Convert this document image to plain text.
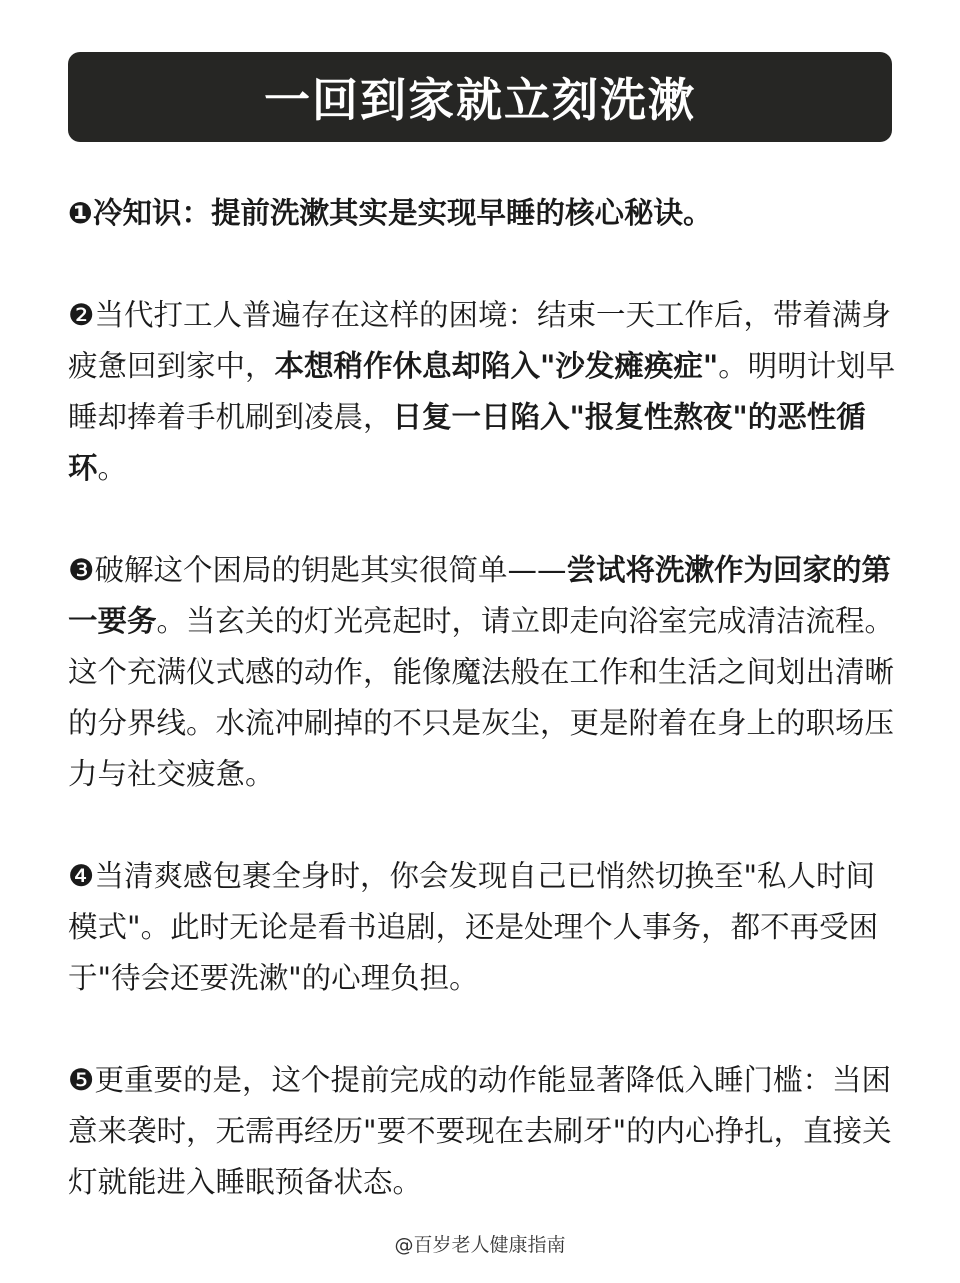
一回到家就立刻洗漱

❶冷知识：提前洗漱其实是实现早睡的核心秘诀。

❷当代打工人普遍存在这样的困境：结束一天工作后，带着满身疲惫回到家中，本想稍作休息却陷入"沙发瘫痪症"。明明计划早睡却捧着手机刷到凌晨，日复一日陷入"报复性熬夜"的恶性循环。

❸破解这个困局的钥匙其实很简单——尝试将洗漱作为回家的第一要务。当玄关的灯光亮起时，请立即走向浴室完成清洁流程。这个充满仪式感的动作，能像魔法般在工作和生活之间划出清晰的分界线。水流冲刷掉的不只是灰尘，更是附着在身上的职场压力与社交疲惫。

❹当清爽感包裹全身时，你会发现自己已悄然切换至"私人时间模式"。此时无论是看书追剧，还是处理个人事务，都不再受困于"待会还要洗漱"的心理负担。

❺更重要的是，这个提前完成的动作能显著降低入睡门槛：当困意来袭时，无需再经历"要不要现在去刷牙"的内心挣扎，直接关灯就能进入睡眠预备状态。

@百岁老人健康指南
